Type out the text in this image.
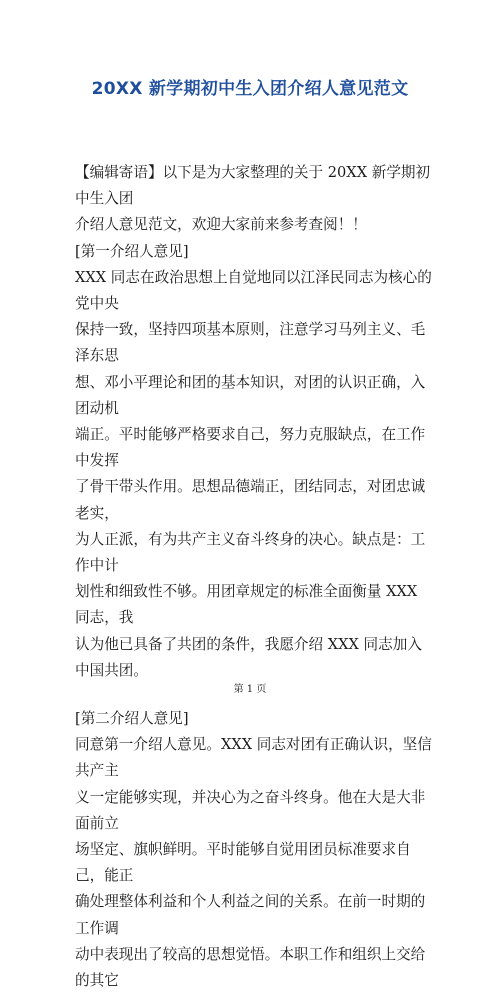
20XX 新学期初中生入团介绍人意见范文

【编辑寄语】以下是为大家整理的关于 20XX 新学期初中生入团

介绍人意见范文，欢迎大家前来参考查阅！！

[第一介绍人意见]

XXX 同志在政治思想上自觉地同以江泽民同志为核心的党中央

保持一致，坚持四项基本原则，注意学习马列主义、毛泽东思

想、邓小平理论和团的基本知识，对团的认识正确，入团动机

端正。平时能够严格要求自己，努力克服缺点，在工作中发挥

了骨干带头作用。思想品德端正，团结同志，对团忠诚老实，

为人正派，有为共产主义奋斗终身的决心。缺点是：工作中计

划性和细致性不够。用团章规定的标准全面衡量 XXX 同志，我

认为他已具备了共团的条件，我愿介绍 XXX 同志加入中国共团。

[第二介绍人意见]

同意第一介绍人意见。XXX 同志对团有正确认识，坚信共产主

义一定能够实现，并决心为之奋斗终身。他在大是大非面前立

场坚定、旗帜鲜明。平时能够自觉用团员标准要求自己，能正

确处理整体利益和个人利益之间的关系。在前一时期的工作调

动中表现出了较高的思想觉悟。本职工作和组织上交给的其它

第 1 页
